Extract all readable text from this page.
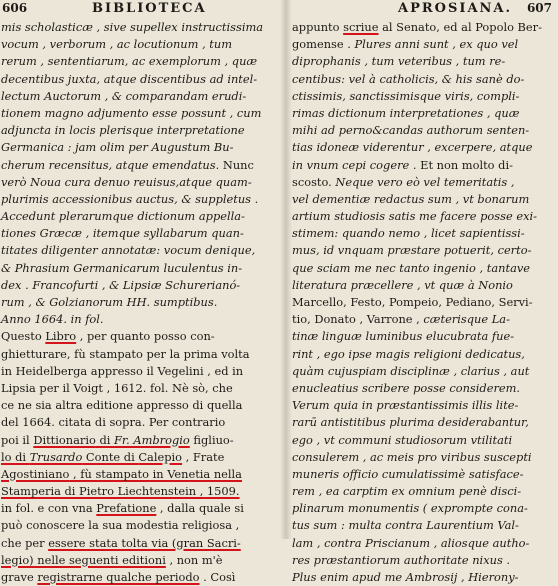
606	BIBLIOTECA
mis scholasticæ , sive supellex instructissima
vocum , verborum , ac locutionum , tum
rerum , sententiarum, ac exemplorum , quæ
decentibus juxta, atque discentibus ad intel-
lectum Auctorum , & comparandam erudi-
tionem magno adjumento esse possunt , cum
adjuncta in locis plerisque interpretatione
Germanica : jam olim per Augustum Bu-
cherum recensitus, atque emendatus. Nunc
verò Noua cura denuo reuisus,atque quam-
plurimis accessionibus auctus, & suppletus .
Accedunt plerarumque dictionum appella-
tiones Græcæ , itemque syllabarum quan-
titates diligenter annotatæ: vocum denique,
& Phrasium Germanicarum luculentus in-
dex . Francofurti , & Lipsiæ Schurerianó-
rum , & Golzianorum HH. sumptibus.
Anno 1664. in fol.
Questo Libro , per quanto posso con-
ghietturare, fù stampato per la prima volta
in Heidelberga appresso il Vegelini , ed in
Lipsia per il Voigt , 1612. fol. Nè sò, che
ce ne sia altra editione appresso di quella
del 1664. citata di sopra. Per contrario
poi il Dittionario di Fr. Ambrogio figliuo-
lo di Trusardo Conte di Calepio , Frate
Agostiniano , fù stampato in Venetia nella
Stamperia di Pietro Liechtenstein , 1509.
in fol. e con vna Prefatione , dalla quale si
può conoscere la sua modestia religiosa ,
che per essere stata tolta via (gran Sacri-
legio) nelle seguenti editioni , non m'è
grave registrarne qualche periodo . Così
APROSIANA. 607
appunto scriue al Senato, ed al Popolo Ber-
gomense . Plures anni sunt , ex quo vel
diprophanis , tum veteribus , tum re-
centibus: vel à catholicis, & his sanè do-
ctissimis, sanctissimisque viris, compli-
rimas dictionum interpretationes , quæ
mihi ad perno&candas authorum senten-
tias idoneæ viderentur , excerpere, atque
in vnum cepi cogere . Et non molto di-
scosto. Neque vero eò vel temeritatis ,
vel dementiæ redactus sum , vt bonarum
artium studiosis satis me facere posse exi-
stimem: quando nemo , licet sapientissi-
mus, id vnquam præstare potuerit, certo-
que sciam me nec tanto ingenio , tantave
literatura præcellere , vt quæ à Nonio
Marcello, Festo, Pompeio, Pediano, Servi-
tio, Donato , Varrone , cæterisque La-
tinæ linguæ luminibus elucubrata fue-
rint , ego ipse magis religioni dedicatus,
quàm cujuspiam disciplinæ , clarius , aut
enucleatius scribere posse considerem.
Verum quia in præstantissimis illis lite-
rarū antistitibus plurima desiderabantur,
ego , vt communi studiosorum vtilitati
consulerem , ac meis pro viribus suscepti
muneris officio cumulatissimè satisface-
rem , ea carptim ex omnium penè disci-
plinarum monumentis ( exprompte cona-
tus sum : multa contra Laurentium Val-
lam , contra Priscianum , aliosque autho-
res præstantiorum authoritate nixus .
Plus enim apud me Ambrosij , Hierony-
